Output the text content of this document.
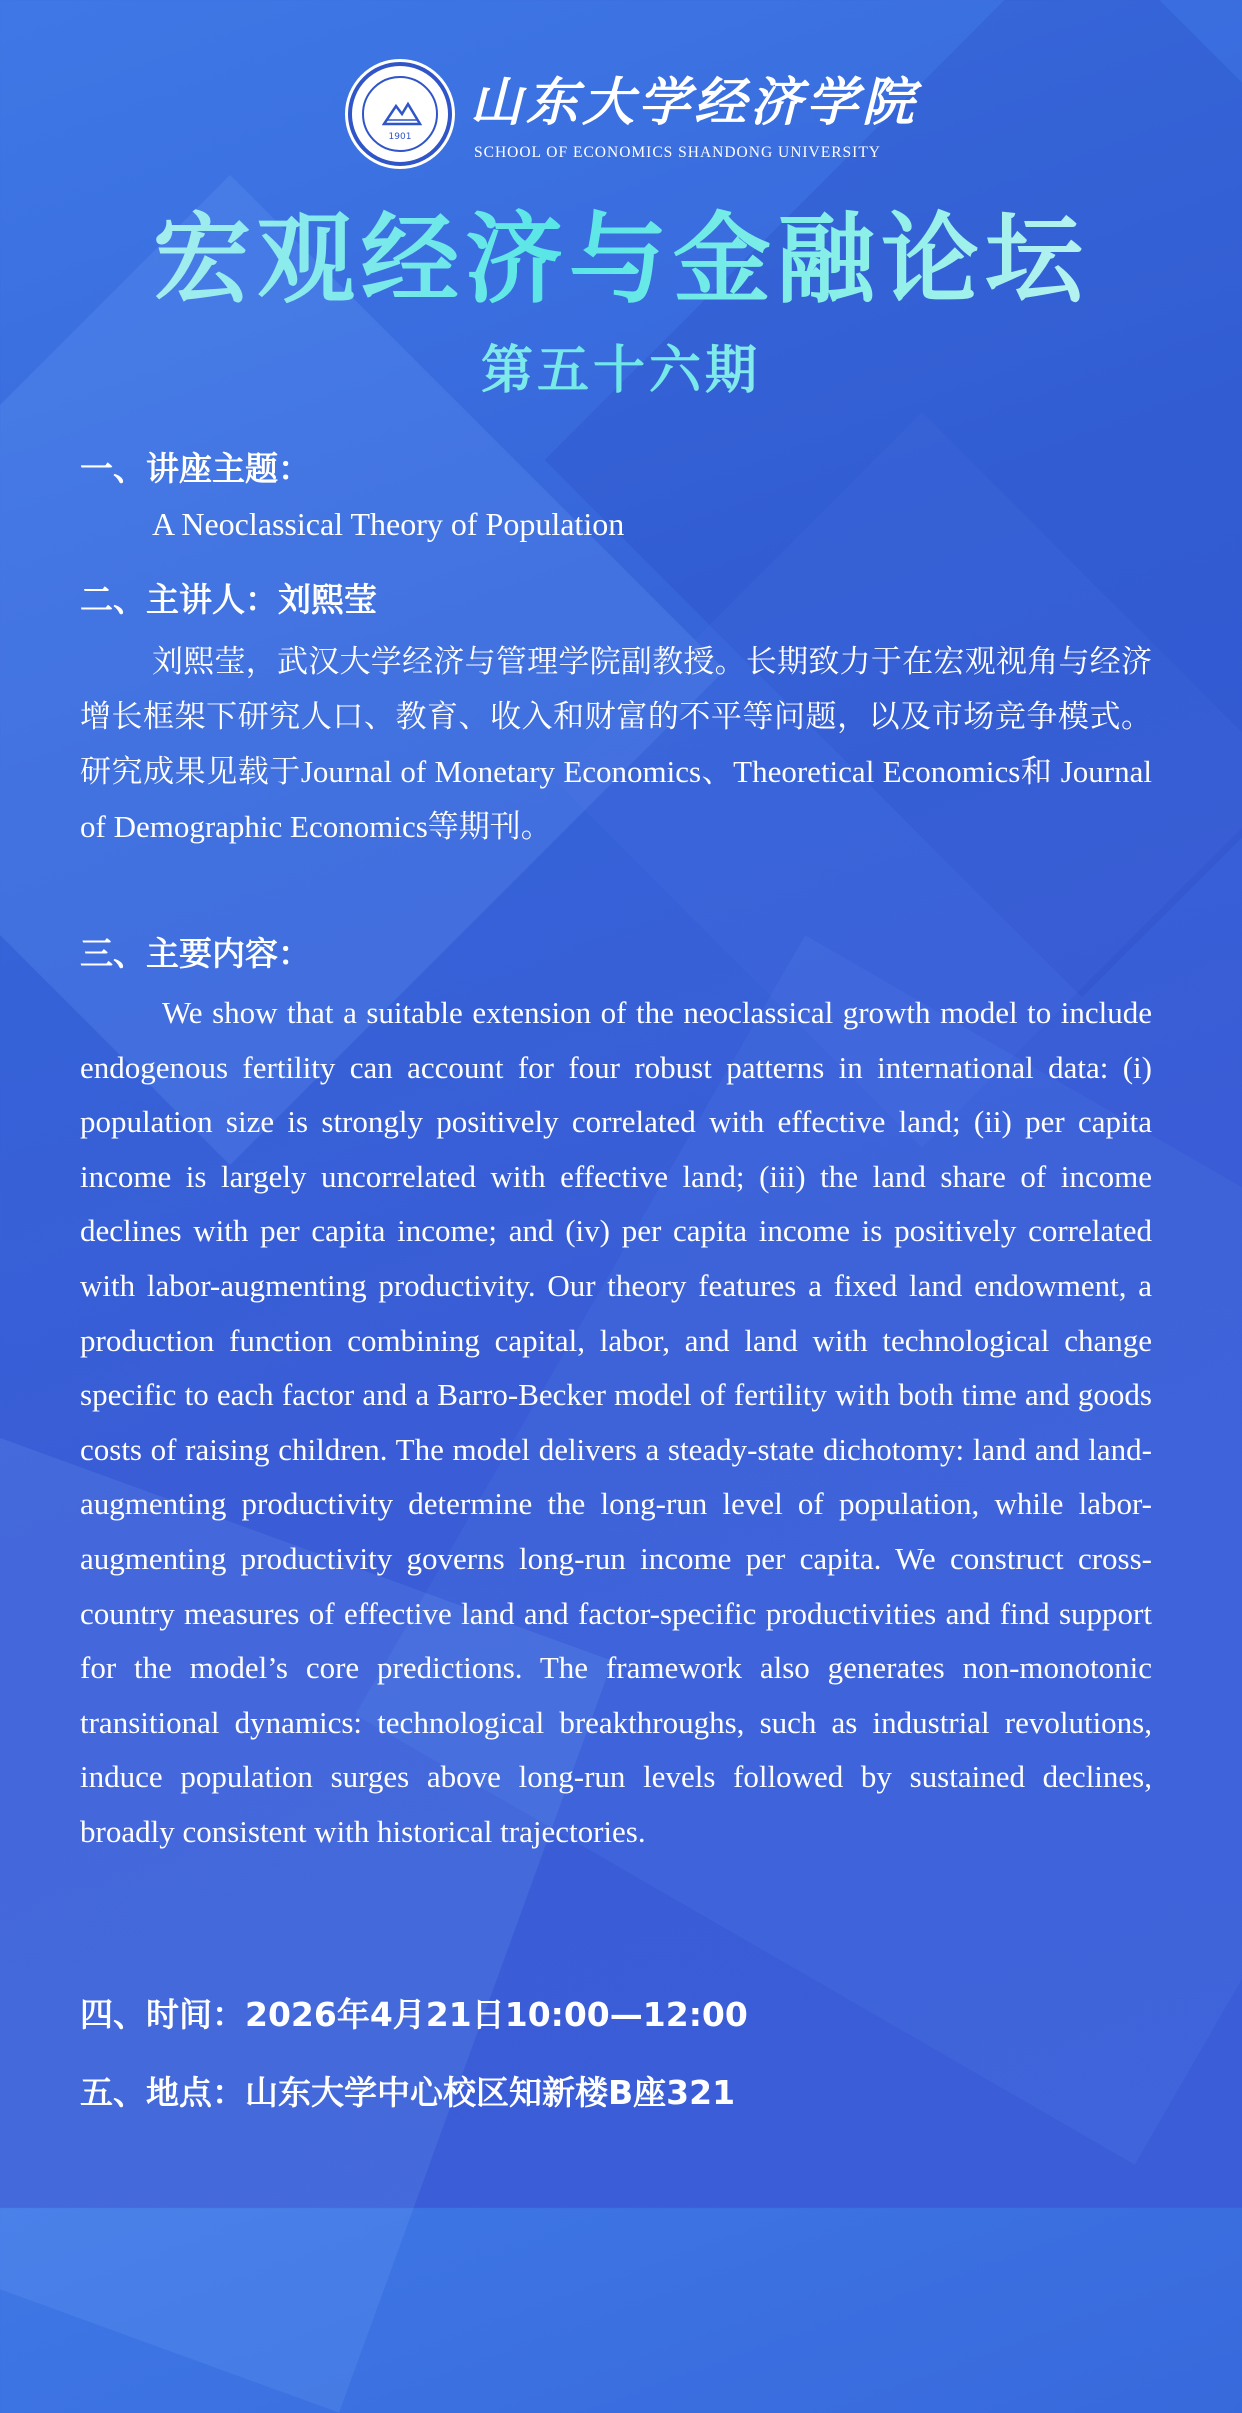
1901
山东大学经济学院
SCHOOL OF ECONOMICS SHANDONG UNIVERSITY
宏观经济与金融论坛
第五十六期
一、讲座主题：
A Neoclassical Theory of Population
二、主讲人：刘熙莹
刘熙莹，武汉大学经济与管理学院副教授。长期致力于在宏观视角与经济增长框架下研究人口、教育、收入和财富的不平等问题，以及市场竞争模式。研究成果见载于Journal of Monetary Economics、Theoretical Economics和 Journal of Demographic Economics等期刊。
三、主要内容：
We show that a suitable extension of the neoclassical growth model to include endogenous fertility can account for four robust patterns in international data: (i) population size is strongly positively correlated with effective land; (ii) per capita income is largely uncorrelated with effective land; (iii) the land share of income declines with per capita income; and (iv) per capita income is positively correlated with labor-augmenting productivity. Our theory features a fixed land endowment, a production function combining capital, labor, and land with technological change specific to each factor and a Barro-Becker model of fertility with both time and goods costs of raising children. The model delivers a steady-state dichotomy: land and land-augmenting productivity determine the long-run level of population, while labor-augmenting productivity governs long-run income per capita. We construct cross-country measures of effective land and factor-specific productivities and find support for the model’s core predictions. The framework also generates non-monotonic transitional dynamics: technological breakthroughs, such as industrial revolutions, induce population surges above long-run levels followed by sustained declines, broadly consistent with historical trajectories.
四、时间：2026年4月21日10:00—12:00
五、地点：山东大学中心校区知新楼B座321
